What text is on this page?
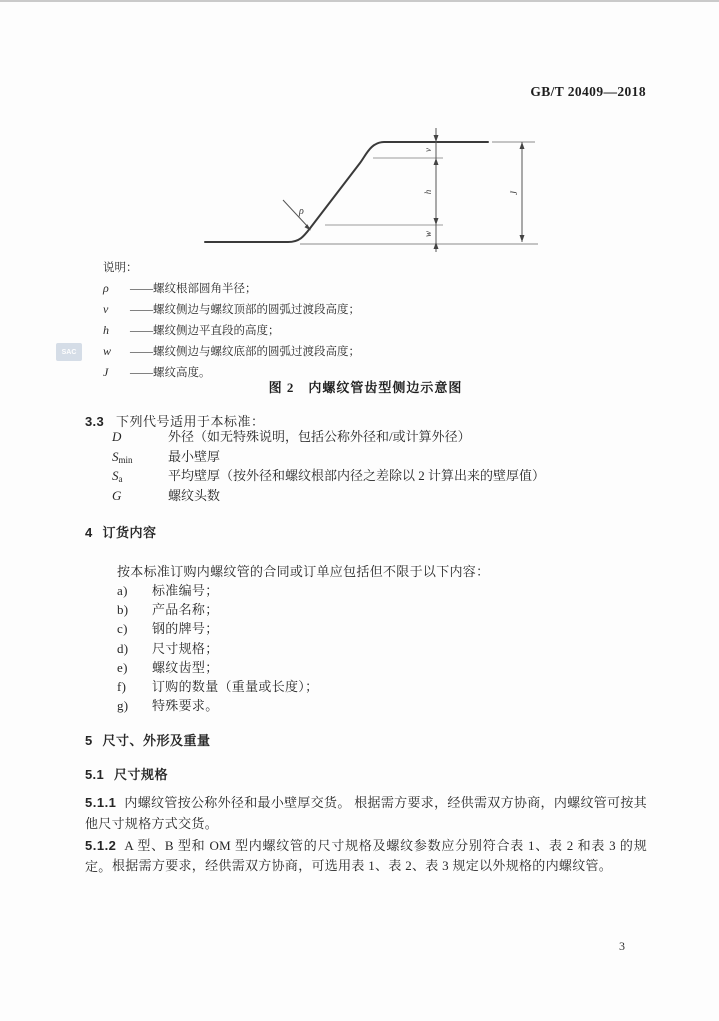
GB/T 20409—2018
v
h
w
J
ρ
SAC
说明：
ρ ——螺纹根部圆角半径；
v ——螺纹侧边与螺纹顶部的圆弧过渡段高度；
h ——螺纹侧边平直段的高度；
w ——螺纹侧边与螺纹底部的圆弧过渡段高度；
J ——螺纹高度。
图 2　内螺纹管齿型侧边示意图
3.3 下列代号适用于本标准：
D	外径（如无特殊说明，包括公称外径和/或计算外径）
Smin	最小壁厚
Sa	平均壁厚（按外径和螺纹根部内径之差除以 2 计算出来的壁厚值）
G	螺纹头数
4 订货内容
按本标准订购内螺纹管的合同或订单应包括但不限于以下内容：
a) 标准编号；
b) 产品名称；
c) 钢的牌号；
d) 尺寸规格；
e) 螺纹齿型；
f) 订购的数量（重量或长度）；
g) 特殊要求。
5 尺寸、外形及重量
5.1 尺寸规格
5.1.1 内螺纹管按公称外径和最小壁厚交货。 根据需方要求，经供需双方协商，内螺纹管可按其他尺寸规格方式交货。
5.1.2 A 型、B 型和 OM 型内螺纹管的尺寸规格及螺纹参数应分别符合表 1、表 2 和表 3 的规定。 根据需方要求，经供需双方协商，可选用表 1、表 2、表 3 规定以外规格的内螺纹管。
3
